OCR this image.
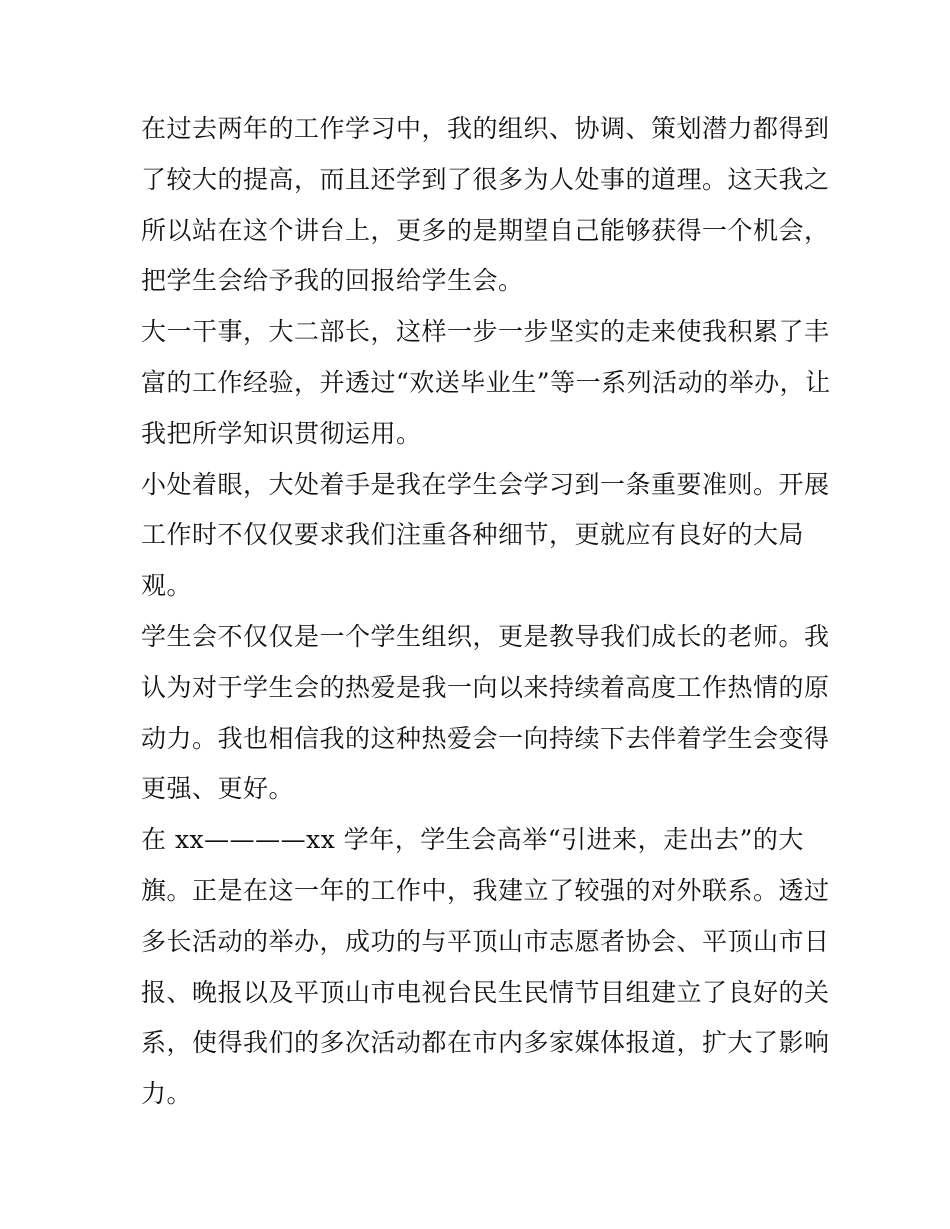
在过去两年的工作学习中，我的组织、协调、策划潜力都得到
了较大的提高，而且还学到了很多为人处事的道理。这天我之
所以站在这个讲台上，更多的是期望自己能够获得一个机会，
把学生会给予我的回报给学生会。

大一干事，大二部长，这样一步一步坚实的走来使我积累了丰
富的工作经验，并透过“欢送毕业生”等一系列活动的举办，让
我把所学知识贯彻运用。

小处着眼，大处着手是我在学生会学习到一条重要准则。开展
工作时不仅仅要求我们注重各种细节，更就应有良好的大局
观。

学生会不仅仅是一个学生组织，更是教导我们成长的老师。我
认为对于学生会的热爱是我一向以来持续着高度工作热情的原
动力。我也相信我的这种热爱会一向持续下去伴着学生会变得
更强、更好。

在 xx————xx 学年，学生会高举“引进来，走出去”的大
旗。正是在这一年的工作中，我建立了较强的对外联系。透过
多长活动的举办，成功的与平顶山市志愿者协会、平顶山市日
报、晚报以及平顶山市电视台民生民情节目组建立了良好的关
系，使得我们的多次活动都在市内多家媒体报道，扩大了影响
力。
